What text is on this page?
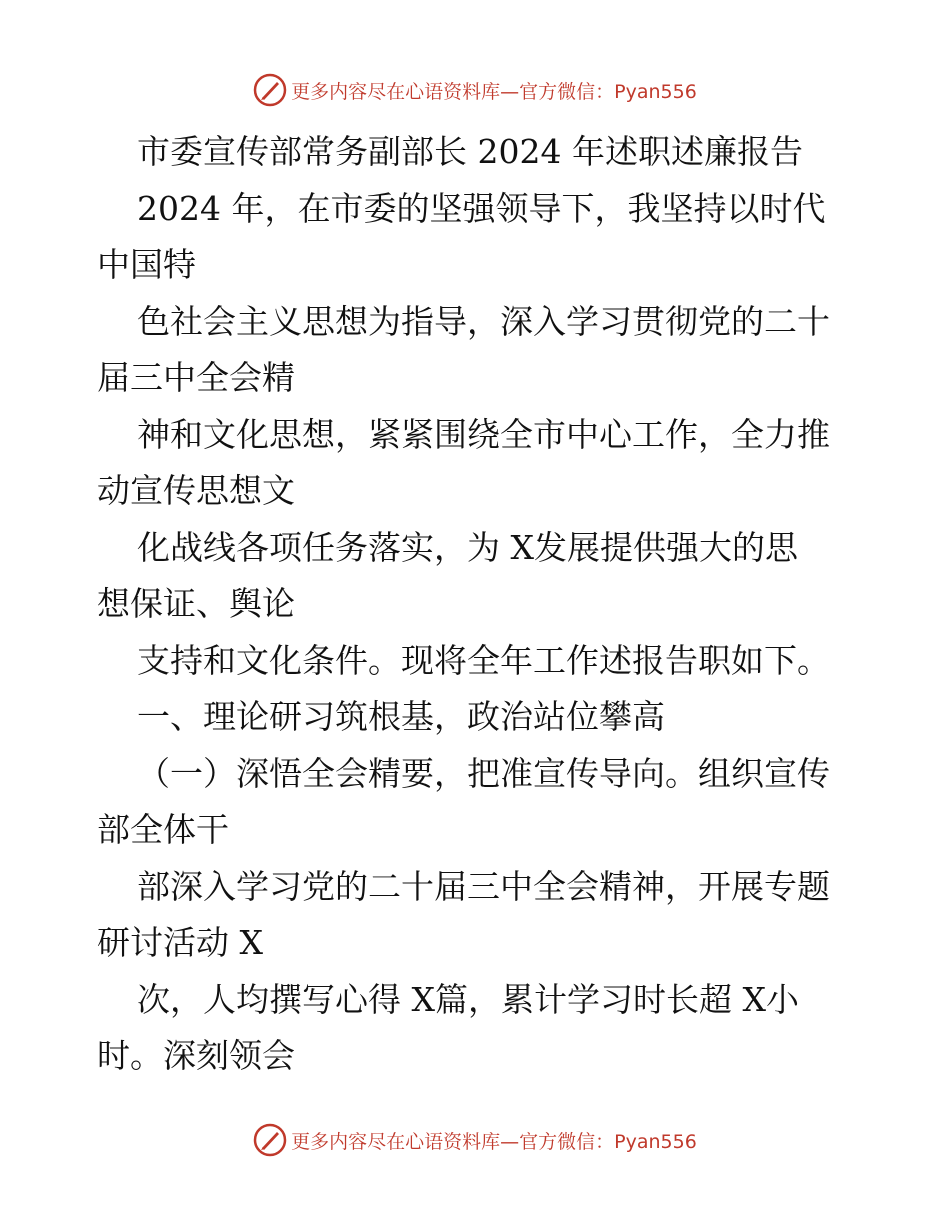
更多内容尽在心语资料库—官方微信：Pyan556
市委宣传部常务副部长 2024 年述职述廉报告
2024 年，在市委的坚强领导下，我坚持以时代
中国特
色社会主义思想为指导，深入学习贯彻党的二十
届三中全会精
神和文化思想，紧紧围绕全市中心工作，全力推
动宣传思想文
化战线各项任务落实，为 X发展提供强大的思
想保证、舆论
支持和文化条件。现将全年工作述报告职如下。
一、理论研习筑根基，政治站位攀高
（一）深悟全会精要，把准宣传导向。组织宣传
部全体干
部深入学习党的二十届三中全会精神，开展专题
研讨活动 X
次，人均撰写心得 X篇，累计学习时长超 X小
时。深刻领会
更多内容尽在心语资料库—官方微信：Pyan556
